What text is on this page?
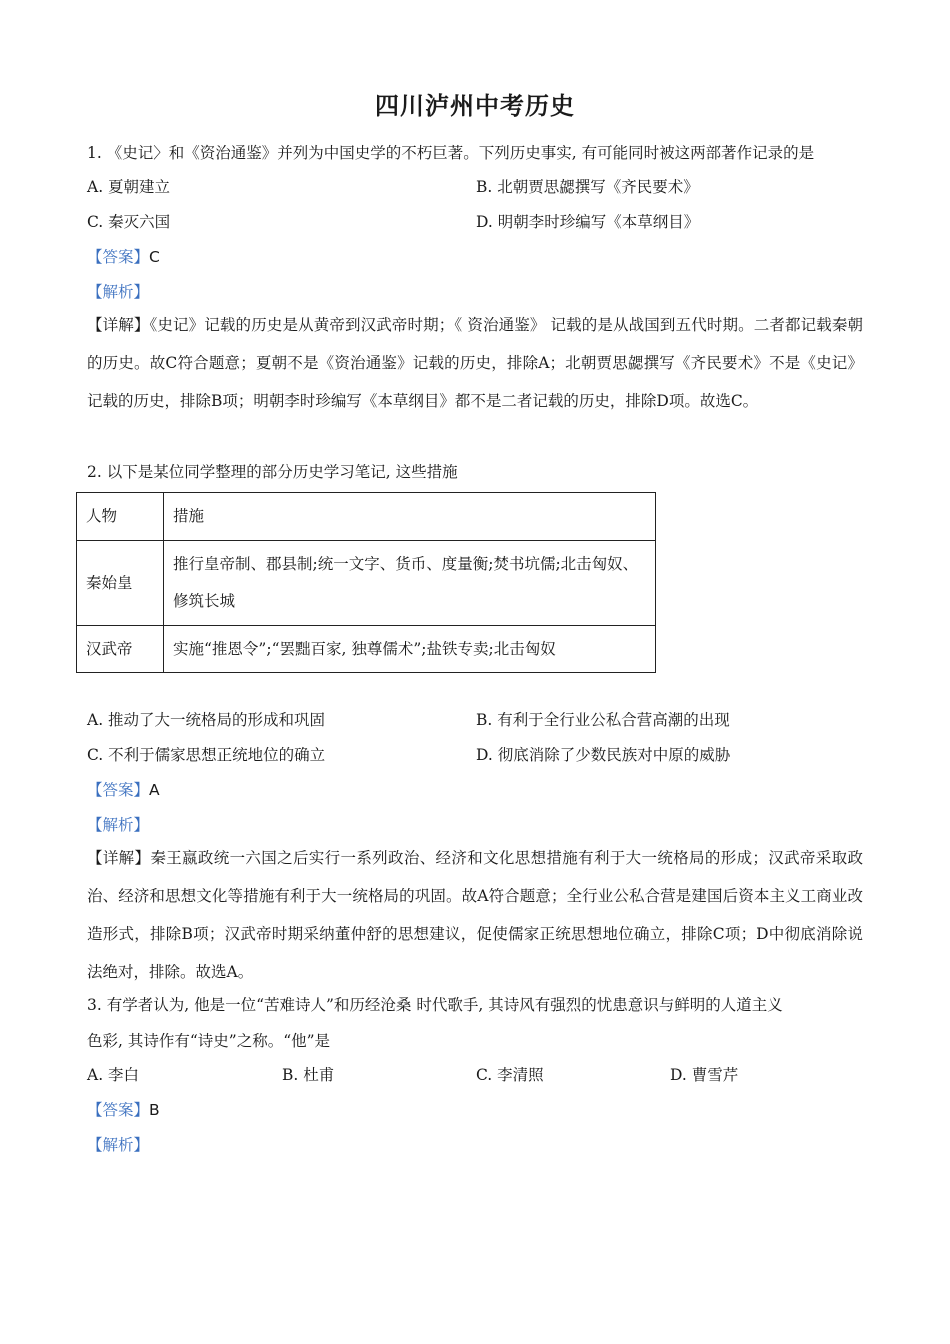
四川泸州中考历史
1. 《史记〉和《资治通鉴》并列为中国史学的不朽巨著。下列历史事实, 有可能同时被这两部著作记录的是
A. 夏朝建立	B. 北朝贾思勰撰写《齐民要术》
C. 秦灭六国	D. 明朝李时珍编写《本草纲目》
【答案】C
【解析】
【详解】《史记》记载的历史是从黄帝到汉武帝时期；《 资治通鉴》 记载的是从战国到五代时期。二者都记载秦朝的历史。故C符合题意；夏朝不是《资治通鉴》记载的历史，排除A；北朝贾思勰撰写《齐民要术》不是《史记》记载的历史，排除B项；明朝李时珍编写《本草纲目》都不是二者记载的历史，排除D项。故选C。
2. 以下是某位同学整理的部分历史学习笔记, 这些措施
人物	措施
秦始皇	推行皇帝制、郡县制;统一文字、货币、度量衡;焚书坑儒;北击匈奴、修筑长城
汉武帝	实施“推恩令”;“罢黜百家, 独尊儒术”;盐铁专卖;北击匈奴
A. 推动了大一统格局的形成和巩固	B. 有利于全行业公私合营高潮的出现
C. 不利于儒家思想正统地位的确立	D. 彻底消除了少数民族对中原的威胁
【答案】A
【解析】
【详解】秦王嬴政统一六国之后实行一系列政治、经济和文化思想措施有利于大一统格局的形成；汉武帝采取政治、经济和思想文化等措施有利于大一统格局的巩固。故A符合题意；全行业公私合营是建国后资本主义工商业改造形式，排除B项；汉武帝时期采纳董仲舒的思想建议，促使儒家正统思想地位确立，排除C项；D中彻底消除说法绝对，排除。故选A。
3. 有学者认为, 他是一位“苦难诗人”和历经沧桑 时代歌手, 其诗风有强烈的忧患意识与鲜明的人道主义
色彩, 其诗作有“诗史”之称。“他”是
A. 李白	B. 杜甫	C. 李清照	D. 曹雪芹
【答案】B
【解析】
